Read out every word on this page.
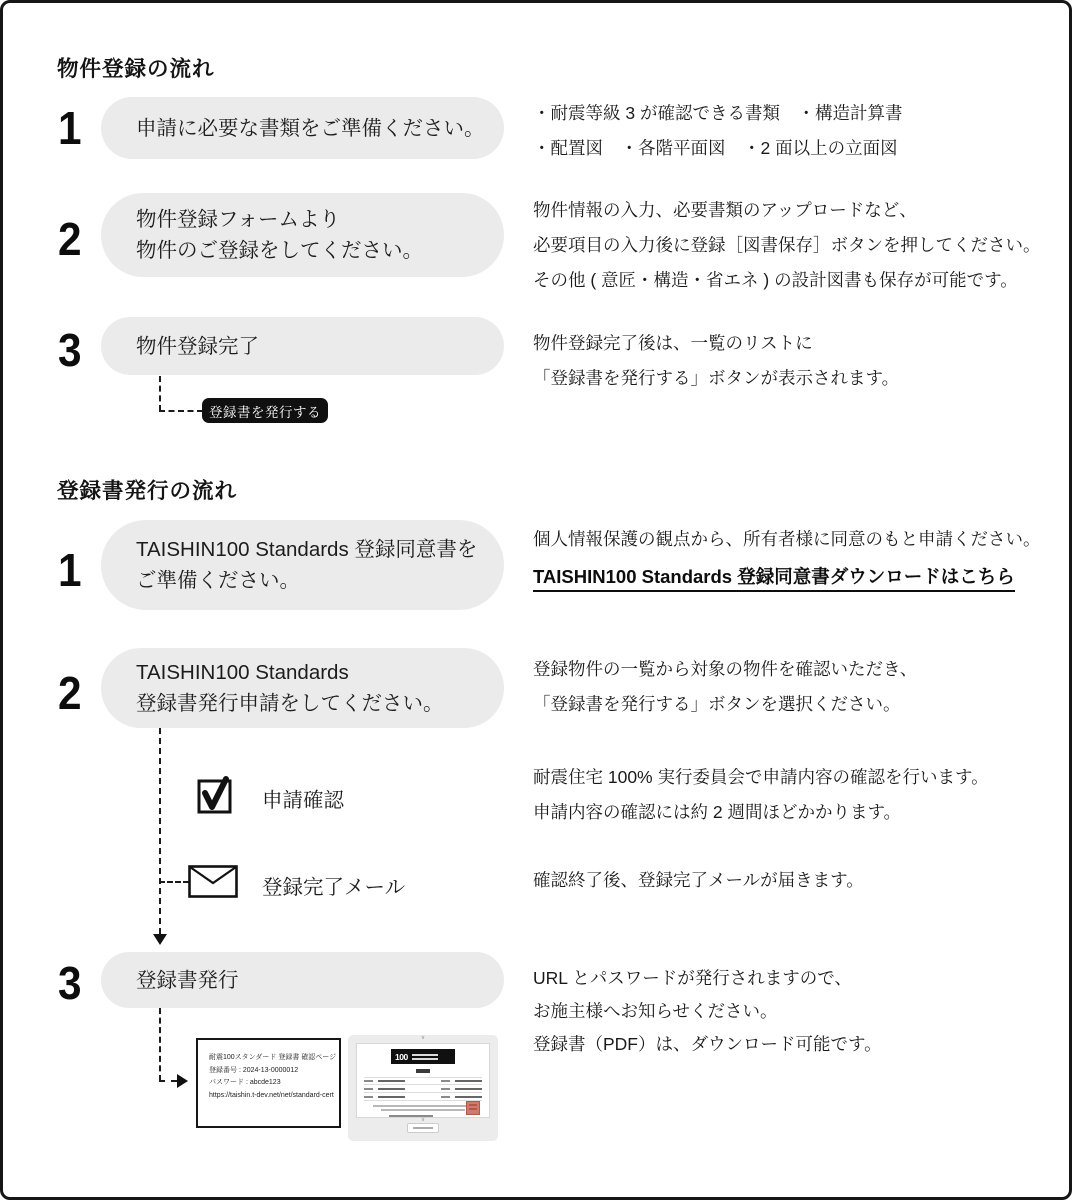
物件登録の流れ
1	申請に必要な書類をご準備ください。
・耐震等級 3 が確認できる書類　・構造計算書
・配置図　・各階平面図　・2 面以上の立面図
2	物件登録フォームより
物件のご登録をしてください。
物件情報の入力、必要書類のアップロードなど、
必要項目の入力後に登録［図書保存］ボタンを押してください。
その他 ( 意匠・構造・省エネ ) の設計図書も保存が可能です。
3	物件登録完了	物件登録完了後は、一覧のリストに
「登録書を発行する」ボタンが表示されます。
登録書を発行する
登録書発行の流れ
1	TAISHIN100 Standards 登録同意書を
ご準備ください。
個人情報保護の観点から、所有者様に同意のもと申請ください。
TAISHIN100 Standards 登録同意書ダウンロードはこちら
2	TAISHIN100 Standards
登録書発行申請をしてください。
登録物件の一覧から対象の物件を確認いただき、
「登録書を発行する」ボタンを選択ください。
申請確認
耐震住宅 100% 実行委員会で申請内容の確認を行います。
申請内容の確認には約 2 週間ほどかかります。
登録完了メール	確認終了後、登録完了メールが届きます。
3	登録書発行	URL とパスワードが発行されますので、
お施主様へお知らせください。
登録書（PDF）は、ダウンロード可能です。
耐震100スタンダード 登録書 確認ページ
登録番号 : 2024-13-0000012
パスワード : abcde123
https://taishin.t-dev.net/net/standard-cert
∨
100
∨
